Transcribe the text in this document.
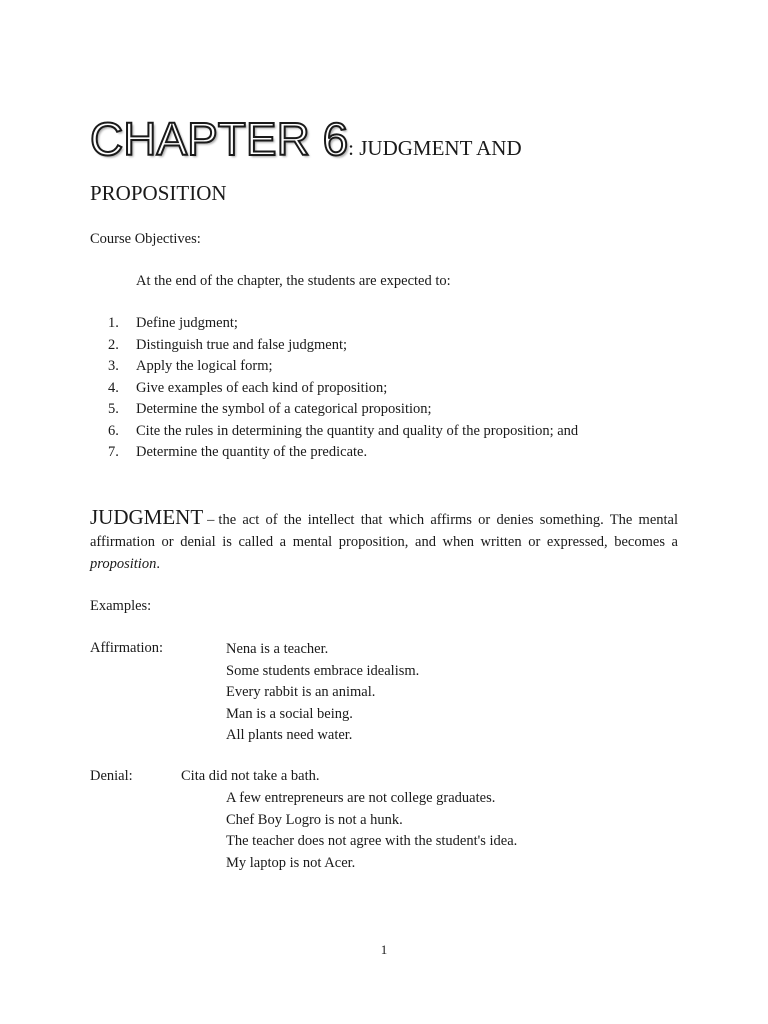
CHAPTER 6: JUDGMENT AND
PROPOSITION
Course Objectives:
At the end of the chapter, the students are expected to:
1. Define judgment;
2. Distinguish true and false judgment;
3. Apply the logical form;
4. Give examples of each kind of proposition;
5. Determine the symbol of a categorical proposition;
6. Cite the rules in determining the quantity and quality of the proposition; and
7. Determine the quantity of the predicate.
JUDGMENT – the act of the intellect that which affirms or denies something. The mental affirmation or denial is called a mental proposition, and when written or expressed, becomes a proposition.
Examples:
Affirmation:	Nena is a teacher.
Some students embrace idealism.
Every rabbit is an animal.
Man is a social being.
All plants need water.
Denial:	Cita did not take a bath.
A few entrepreneurs are not college graduates.
Chef Boy Logro is not a hunk.
The teacher does not agree with the student's idea.
My laptop is not Acer.
1
